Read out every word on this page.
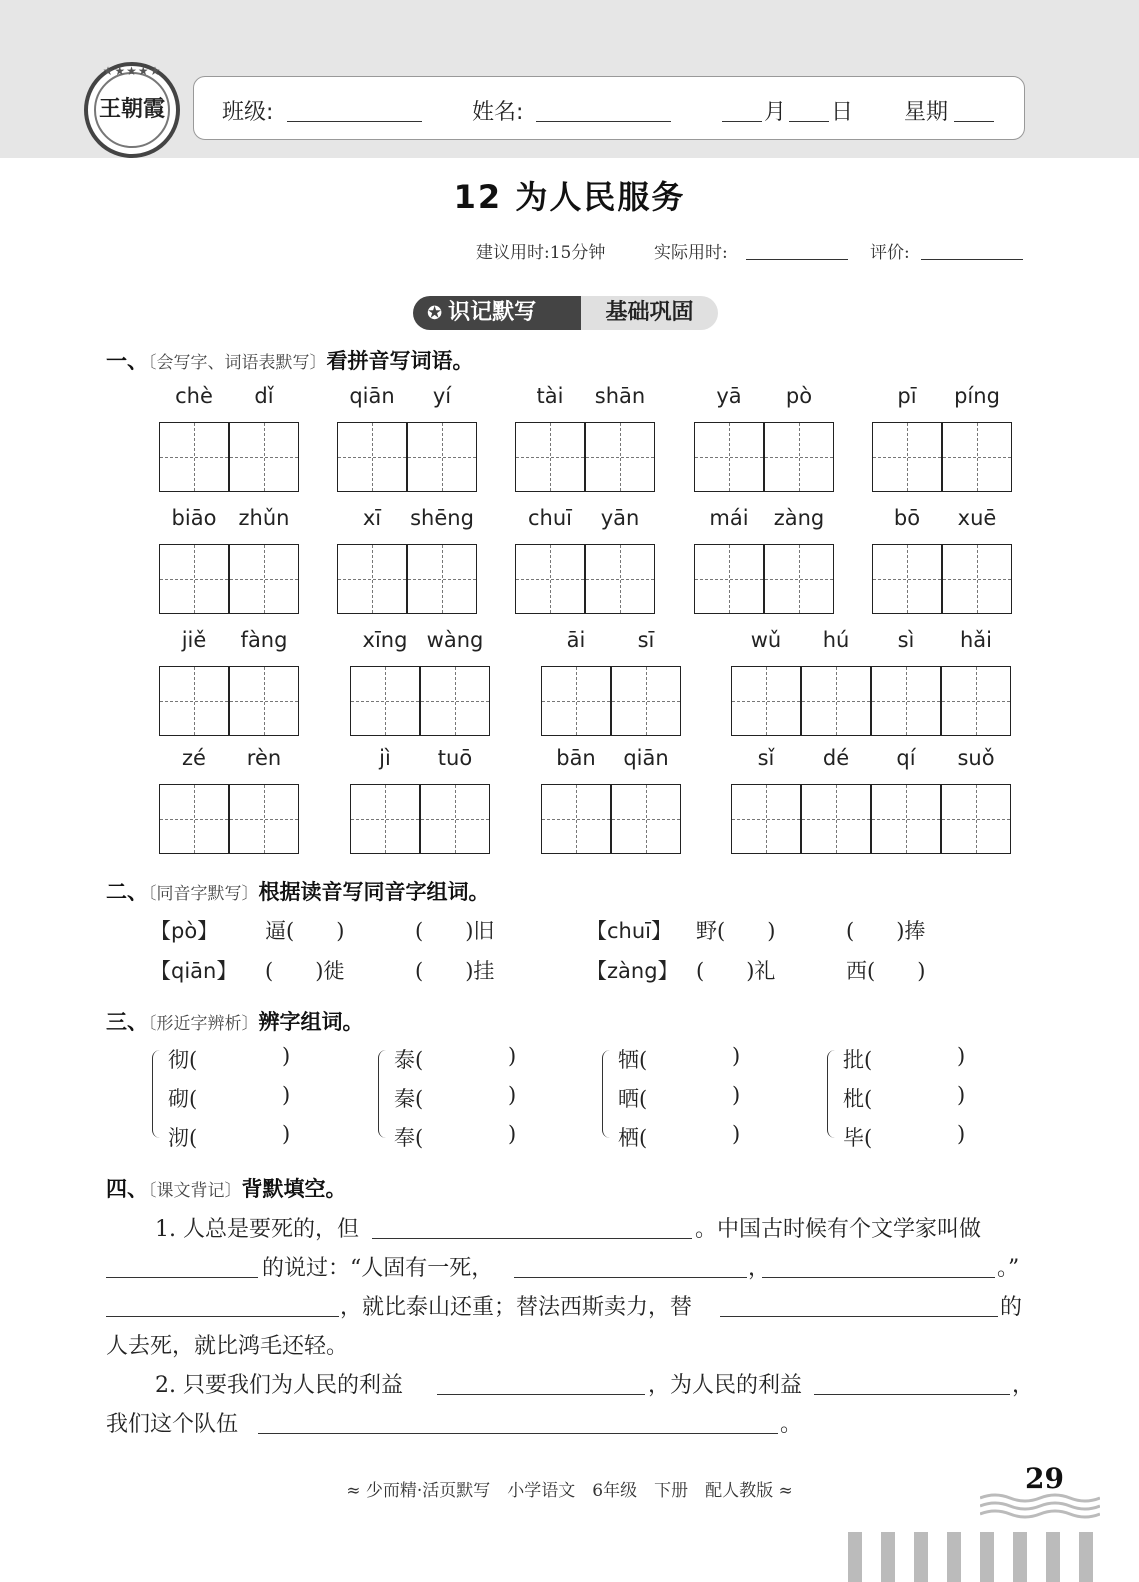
★★★★★
王朝霞	班级:	姓名:	月 日 星期
12 为人民服务
建议用时:15分钟	实际用时:	评价:
✪ 识记默写	基础巩固
一、〔会写字、词语表默写〕看拼音写词语。
chè	dǐ	qiān	yí	tài	shān	yā	pò	pī	píng
biāo	zhǔn	xī	shēng	chuī	yān	mái	zàng	bō	xuē
jiě	fàng	xīng wàng	āi	sī	wǔ	hú	sì	hǎi
zé	rèn	jì	tuō	bān	qiān	sǐ	dé	qí	suǒ
二、〔同音字默写〕根据读音写同音字组词。
【pò】 逼(　　)	(　　)旧	【chuī】 野(　　)	(　　)捧
【qiān】 (　　)徙	(　　)挂	【zàng】 (　　)礼	西(　　)
三、〔形近字辨析〕辨字组词。
彻(	)
砌(	)
沏(	)
泰(	)
秦(	)
奉(	)
牺(	)
晒(	)
栖(	)
批(	)
枇(	)
毕(	)
四、〔课文背记〕背默填空。
1. 人总是要死的，但	。中国古时候有个文学家叫做
的说过：“人固有一死，	，	。”
，就比泰山还重；替法西斯卖力，替	的
人去死，就比鸿毛还轻。
2. 只要我们为人民的利益	，为人民的利益	，
我们这个队伍	。
≈ 少而精·活页默写　小学语文　6年级　下册　配人教版 ≈	29
